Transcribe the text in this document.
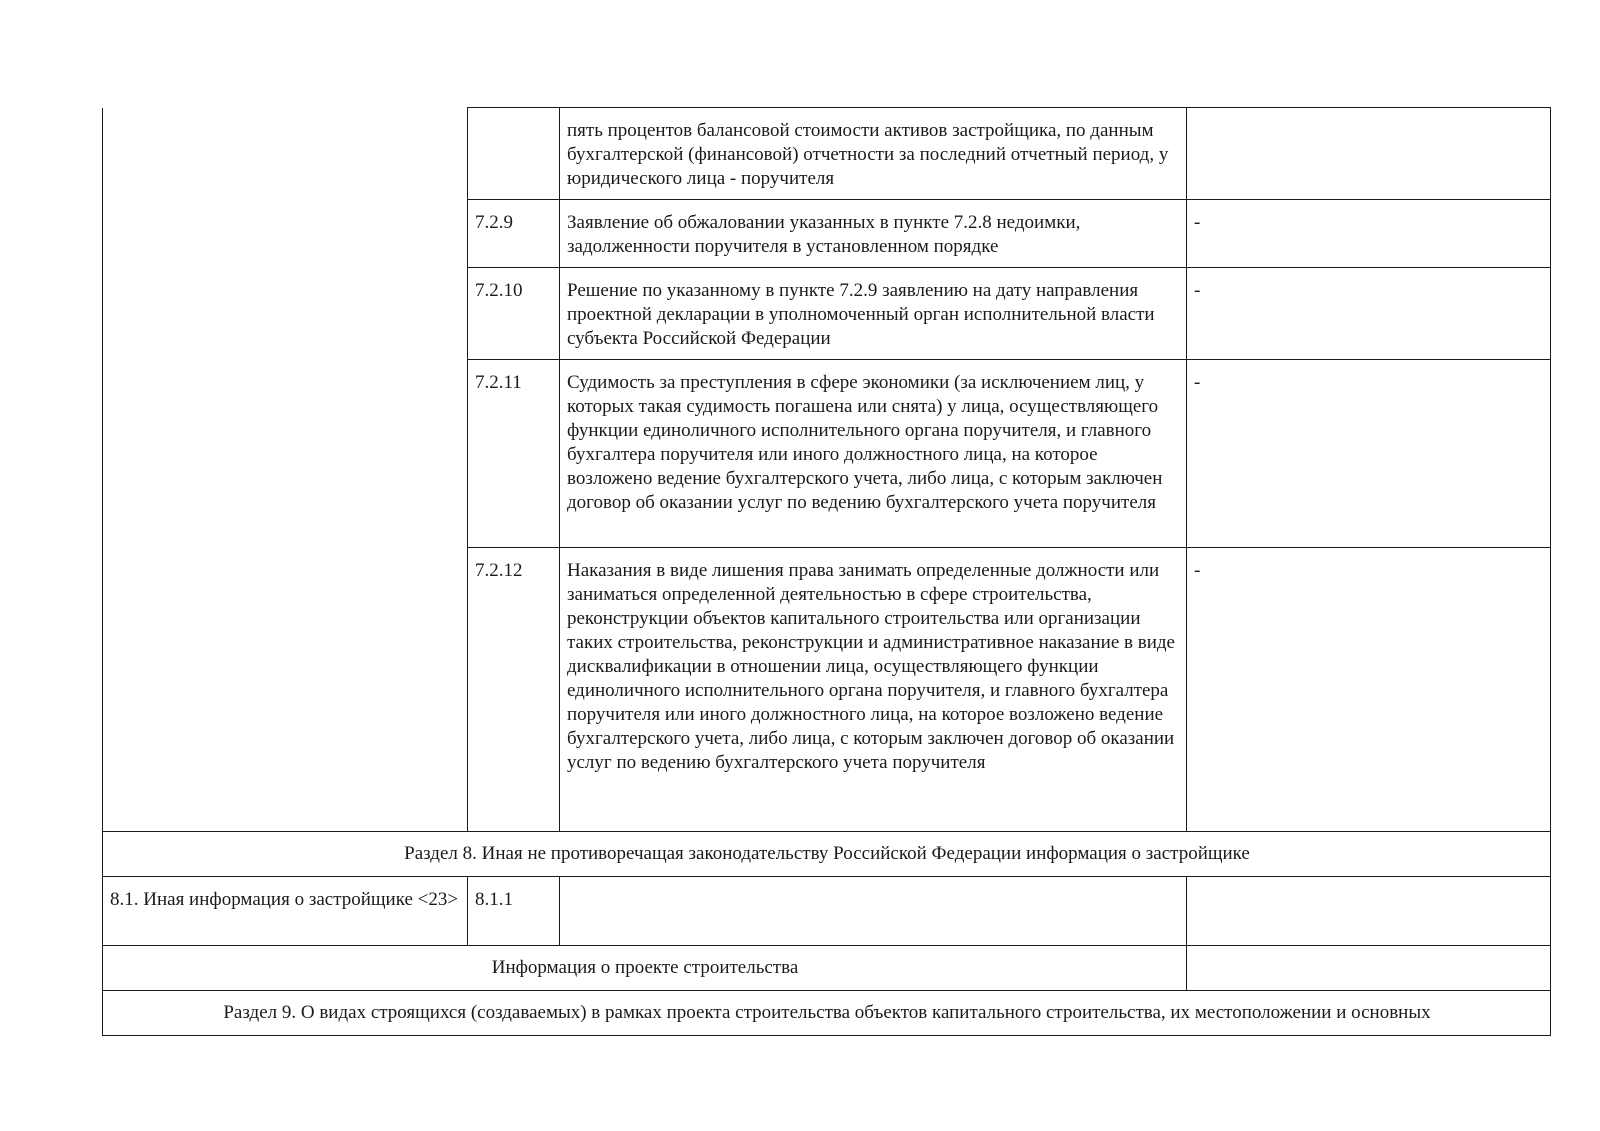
		пять процентов балансовой стоимости активов застройщика, по данным бухгалтерской (финансовой) отчетности за последний отчетный период, у юридического лица - поручителя	
	7.2.9	Заявление об обжаловании указанных в пункте 7.2.8 недоимки, задолженности поручителя в установленном порядке	-
	7.2.10	Решение по указанному в пункте 7.2.9 заявлению на дату направления проектной декларации в уполномоченный орган исполнительной власти субъекта Российской Федерации	-
	7.2.11	Судимость за преступления в сфере экономики (за исключением лиц, у которых такая судимость погашена или снята) у лица, осуществляющего функции единоличного исполнительного органа поручителя, и главного бухгалтера поручителя или иного должностного лица, на которое возложено ведение бухгалтерского учета, либо лица, с которым заключен договор об оказании услуг по ведению бухгалтерского учета поручителя	-
	7.2.12	Наказания в виде лишения права занимать определенные должности или заниматься определенной деятельностью в сфере строительства, реконструкции объектов капитального строительства или организации таких строительства, реконструкции и административное наказание в виде дисквалификации в отношении лица, осуществляющего функции единоличного исполнительного органа поручителя, и главного бухгалтера поручителя или иного должностного лица, на которое возложено ведение бухгалтерского учета, либо лица, с которым заключен договор об оказании услуг по ведению бухгалтерского учета поручителя	-
Раздел 8. Иная не противоречащая законодательству Российской Федерации информация о застройщике			
8.1. Иная информация о застройщике <23>	8.1.1		
Информация о проекте строительства			
Раздел 9. О видах строящихся (создаваемых) в рамках проекта строительства объектов капитального строительства, их местоположении и основных			
